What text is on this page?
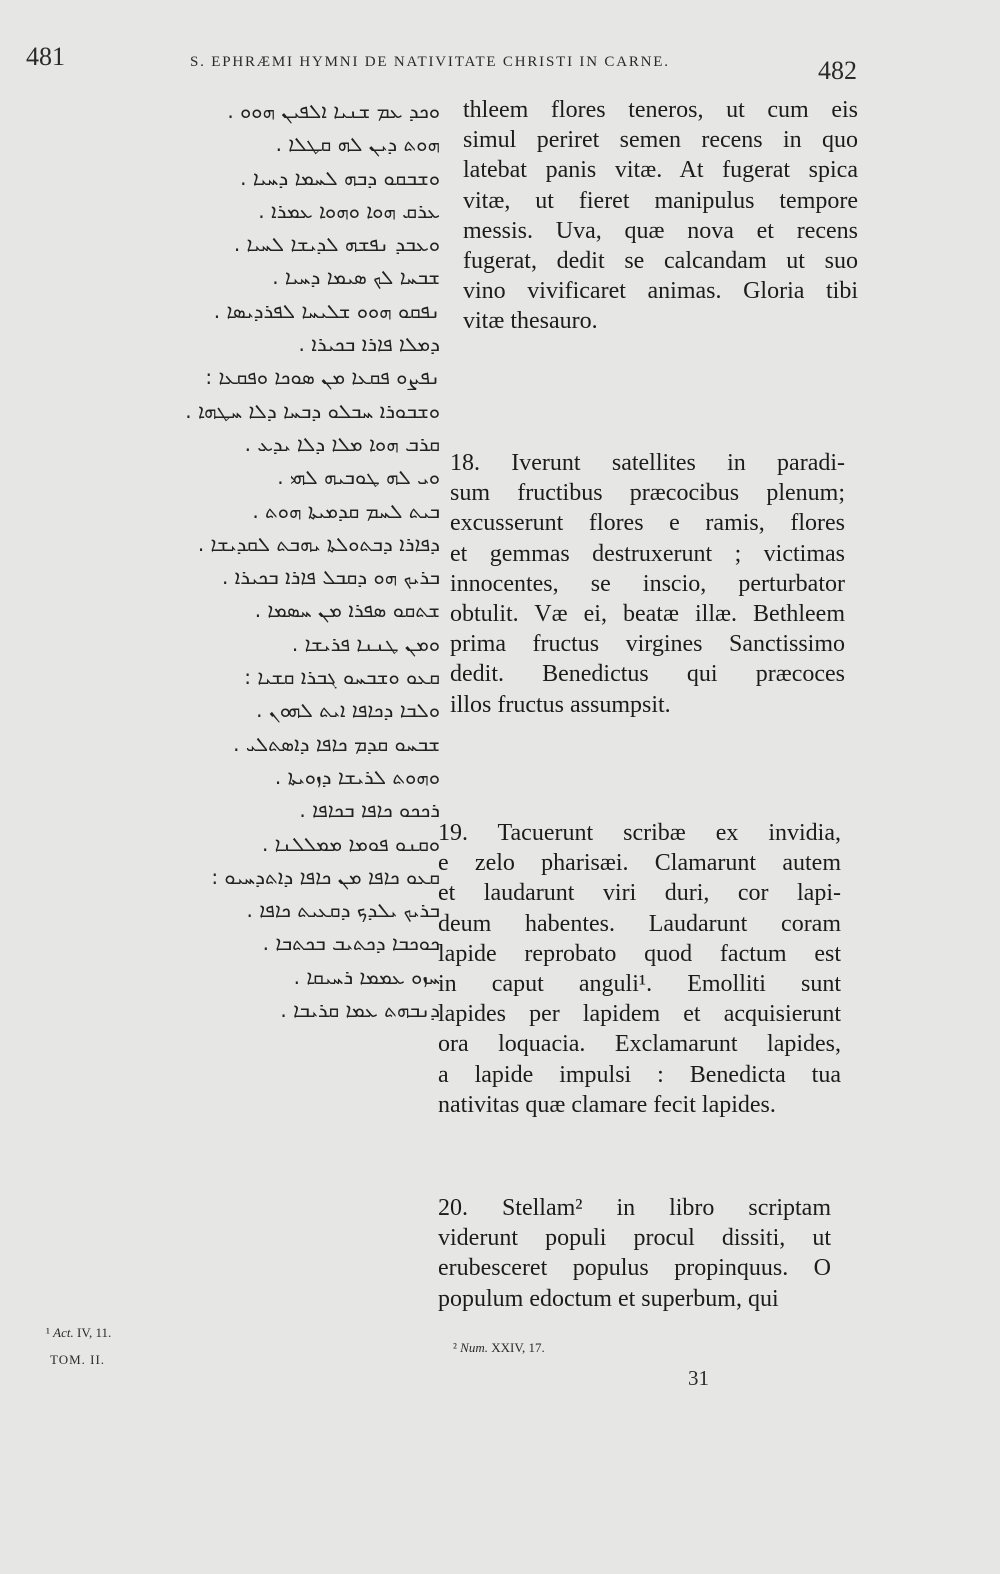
481	S. EPHRÆMI HYMNI DE NATIVITATE CHRISTI IN CARNE.	482
ܘܟܕ ܥܡ ܫܢܝܐ ܐܠܦܝܢ ܗܘܘ .
ܗܘܬ ܕܝܢ ܠܗ ܩܛܠܐ .
ܘܫܒܩܘ ܕܒܗ ܠܚܡܐ ܕܚܝܐ .
ܥܪܩ ܗܘܐ ܘܗܘܐ ܥܡܪܐ .
ܘܥܒܕ ܢܦܫܗ ܠܕܝܫܐ ܠܚܝܐ .
ܫܒܚܐ ܠܟ ܣܝܡܐ ܕܚܝܐ .
ܢܦܩܘ ܗܘܘ ܫܠܝܚܐ ܠܦܪܕܝܣܐ .
ܕܡܠܐ ܦܐܪܐ ܒܟܝܪܐ .
ܢܦܨܘ ܦܩܥܐ ܡܢ ܣܘܟܐ ܘܦܩܥܐ :
ܘܫܒܘܪܐ ܚܒܠܘ ܕܒܚܐ ܕܠܐ ܚܛܗܐ .
ܩܪܒ ܗܘܐ ܡܠܐ ܕܠܐ ܝܕܥ .
ܘܝ ܠܗ ܛܘܒܝܗ ܠܗܝ .
ܒܝܬ ܠܚܡ ܩܕܡܝܬܐ ܗܘܬ .
ܕܦܐܪܐ ܕܒܬܘܠܬܐ ܝܗܒܬ ܠܩܕܝܫܐ .
ܒܪܝܟ ܗܘ ܕܩܒܠ ܦܐܪܐ ܒܟܝܪܐ .
ܫܬܩܘ ܣܦܪܐ ܡܢ ܚܣܡܐ .
ܘܡܢ ܛܢܢܐ ܦܪܝܫܐ .
ܩܥܘ ܘܫܒܚܘ ܓܒܪܐ ܩܫܝܐ :
ܘܠܒܐ ܕܟܐܦܐ ܐܝܬ ܠܗܘܢ .
ܫܒܚܘ ܩܕܡ ܟܐܦܐ ܕܐܣܬܠܝ .
ܘܗܘܬ ܠܪܝܫܐ ܕܙܘܝܬܐ .
ܪܟܟܘ ܟܐܦܐ ܒܟܐܦܐ .
ܘܩܢܘ ܦܘܡܐ ܡܡܠܠܢܐ .
ܩܥܘ ܟܐܦܐ ܡܢ ܟܐܦܐ ܕܐܬܕܚܝܘ :
ܒܪܝܟ ܝܠܕܟ ܕܩܥܝܬ ܟܐܦܐ .
ܟܘܟܒܐ ܕܟܬܝܒ ܒܟܬܒܐ .
ܚܙܘ ܥܡܡܐ ܪܚܝܩܐ .
ܕܢܒܗܬ ܥܡܐ ܩܪܝܒܐ .
thleem flores teneros, ut cum eis
simul periret semen recens in quo
latebat panis vitæ. At fugerat spica
vitæ, ut fieret manipulus tempore
messis. Uva, quæ nova et recens
fugerat, dedit se calcandam ut suo
vino vivificaret animas. Gloria tibi
vitæ thesauro.
18. Iverunt satellites in paradi-
sum fructibus præcocibus plenum;
excusserunt flores e ramis, flores
et gemmas destruxerunt ; victimas
innocentes, se inscio, perturbator
obtulit. Væ ei, beatæ illæ. Bethleem
prima fructus virgines Sanctissimo
dedit. Benedictus qui præcoces
illos fructus assumpsit.
19. Tacuerunt scribæ ex invidia,
e zelo pharisæi. Clamarunt autem
et laudarunt viri duri, cor lapi-
deum habentes. Laudarunt coram
lapide reprobato quod factum est
in caput anguli¹. Emolliti sunt
lapides per lapidem et acquisierunt
ora loquacia. Exclamarunt lapides,
a lapide impulsi : Benedicta tua
nativitas quæ clamare fecit lapides.
20. Stellam² in libro scriptam
viderunt populi procul dissiti, ut
erubesceret populus propinquus. O
populum edoctum et superbum, qui
¹ Act. IV, 11.
TOM. II.
² Num. XXIV, 17.
31
